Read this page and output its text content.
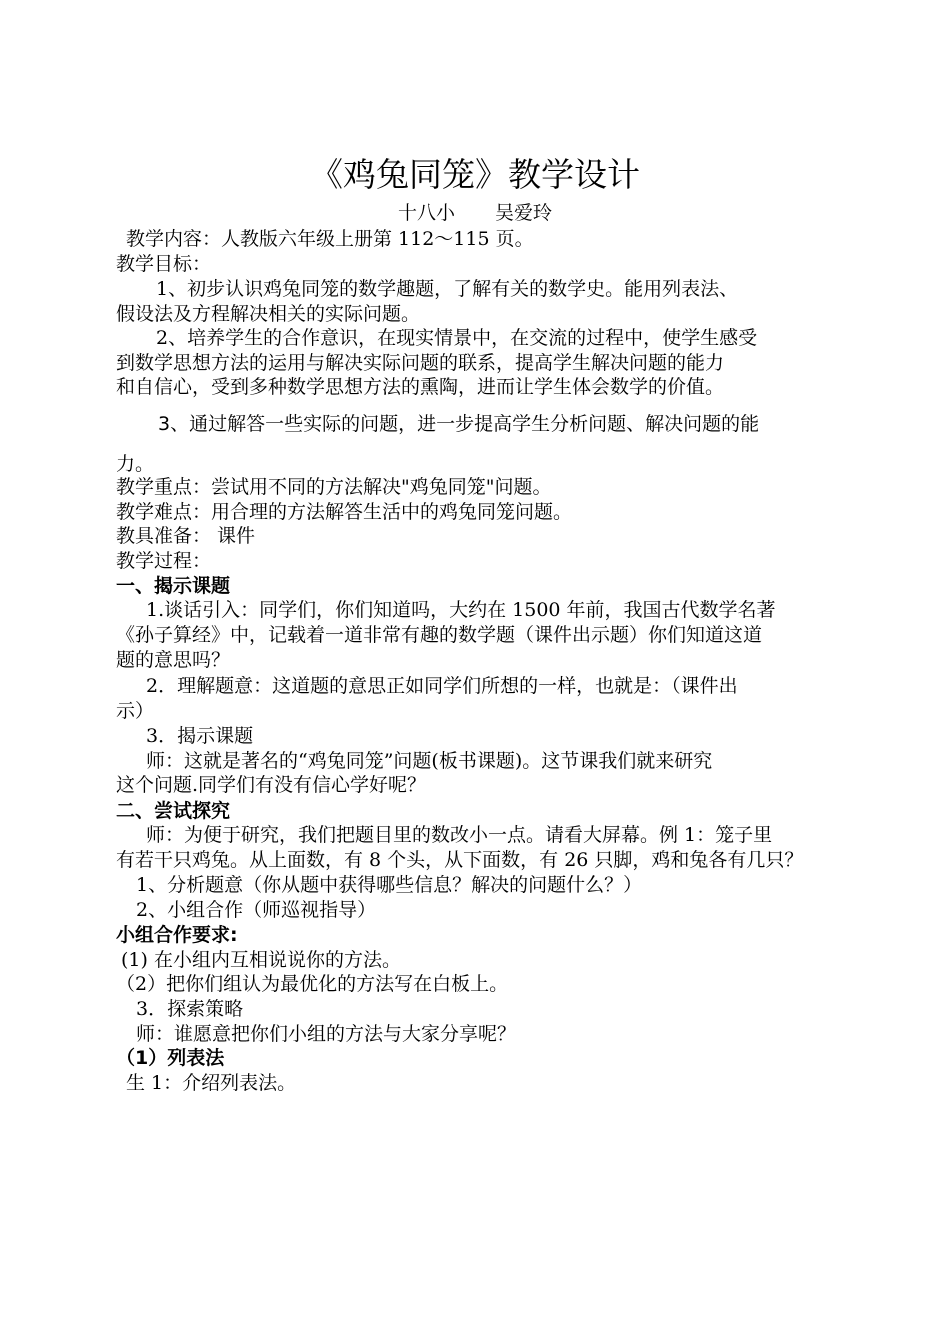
《鸡兔同笼》教学设计
十八小 吴爱玲
教学内容：人教版六年级上册第 112～115 页。
教学目标：
1、初步认识鸡兔同笼的数学趣题，了解有关的数学史。能用列表法、
假设法及方程解决相关的实际问题。
2、培养学生的合作意识，在现实情景中，在交流的过程中，使学生感受
到数学思想方法的运用与解决实际问题的联系，提高学生解决问题的能力
和自信心，受到多种数学思想方法的熏陶，进而让学生体会数学的价值。
3、通过解答一些实际的问题，进一步提高学生分析问题、解决问题的能
力。
教学重点：尝试用不同的方法解决"鸡兔同笼"问题。
教学难点：用合理的方法解答生活中的鸡兔同笼问题。
教具准备： 课件
教学过程：
一、揭示课题
1.谈话引入：同学们，你们知道吗，大约在 1500 年前，我国古代数学名著
《孙子算经》中，记载着一道非常有趣的数学题（课件出示题）你们知道这道
题的意思吗？
2．理解题意：这道题的意思正如同学们所想的一样，也就是：（课件出
示）
3．揭示课题
师：这就是著名的“鸡兔同笼”问题(板书课题)。这节课我们就来研究
这个问题.同学们有没有信心学好呢？
二、尝试探究
师：为便于研究，我们把题目里的数改小一点。请看大屏幕。例 1：笼子里
有若干只鸡兔。从上面数，有 8 个头，从下面数，有 26 只脚，鸡和兔各有几只？
1、分析题意（你从题中获得哪些信息？解决的问题什么？）
2、小组合作（师巡视指导）
小组合作要求:
(1) 在小组内互相说说你的方法。
（2）把你们组认为最优化的方法写在白板上。
3．探索策略
师：谁愿意把你们小组的方法与大家分享呢？
（1）列表法
生 1：介绍列表法。
